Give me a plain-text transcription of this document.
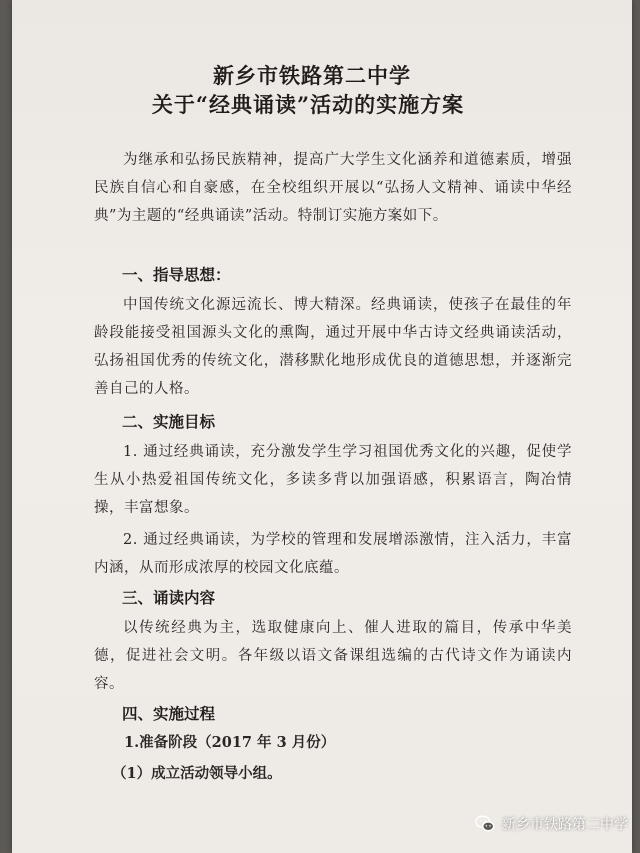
新乡市铁路第二中学
关于“经典诵读”活动的实施方案
为继承和弘扬民族精神，提高广大学生文化涵养和道德素质，增强民族自信心和自豪感，在全校组织开展以“弘扬人文精神、诵读中华经典”为主题的“经典诵读”活动。特制订实施方案如下。
一、指导思想：
中国传统文化源远流长、博大精深。经典诵读，使孩子在最佳的年龄段能接受祖国源头文化的熏陶，通过开展中华古诗文经典诵读活动，弘扬祖国优秀的传统文化，潜移默化地形成优良的道德思想，并逐渐完善自己的人格。
二、实施目标
1. 通过经典诵读，充分激发学生学习祖国优秀文化的兴趣，促使学生从小热爱祖国传统文化，多读多背以加强语感，积累语言，陶冶情操，丰富想象。
2. 通过经典诵读，为学校的管理和发展增添激情，注入活力，丰富内涵，从而形成浓厚的校园文化底蕴。
三、诵读内容
以传统经典为主，选取健康向上、催人进取的篇目，传承中华美德，促进社会文明。各年级以语文备课组选编的古代诗文作为诵读内容。
四、实施过程
1.准备阶段（2017 年 3 月份）
（1）成立活动领导小组。
新乡市铁路第二中学
